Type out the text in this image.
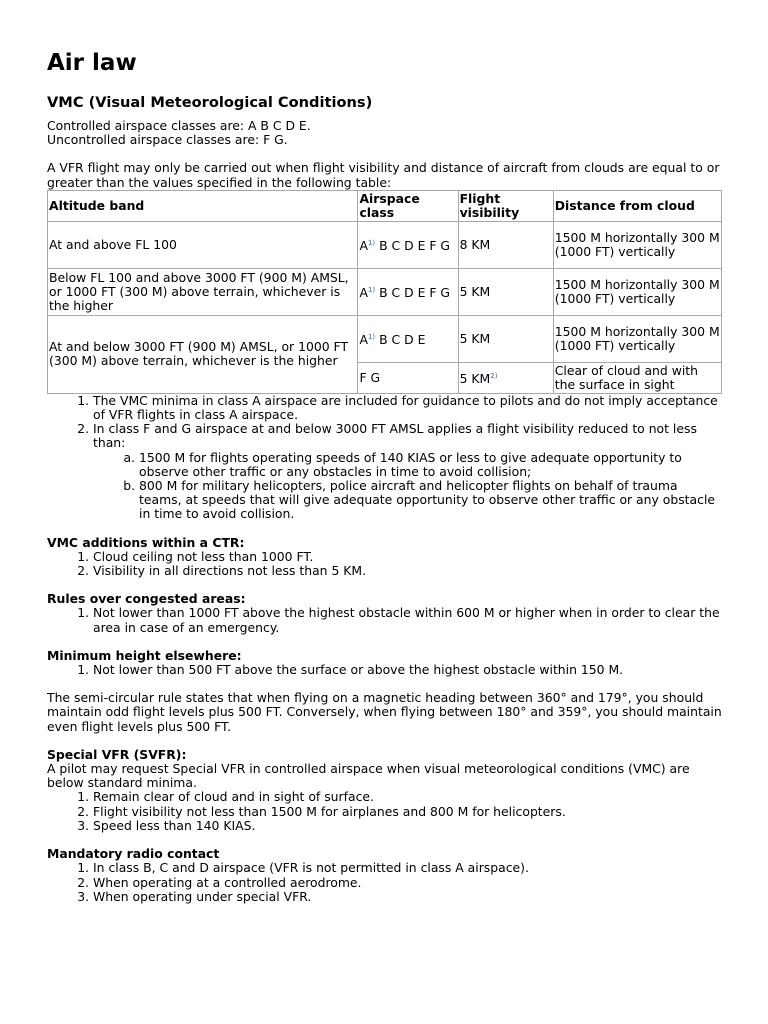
Air law
VMC (Visual Meteorological Conditions)

Controlled airspace classes are: A B C D E.

Uncontrolled airspace classes are: F G.

A VFR flight may only be carried out when flight visibility and distance of aircraft from clouds are equal to or greater than the values specified in the following table:

Altitude band	Airspace class	Flight visibility	Distance from cloud
At and above FL 100	A$^{1)}$ B C D E F G	8 KM	1500 M horizontally 300 M (1000 FT) vertically
Below FL 100 and above 3000 FT (900 M) AMSL, or 1000 FT (300 M) above terrain, whichever is the higher	A$^{1)}$ B C D E F G	5 KM	1500 M horizontally 300 M (1000 FT) vertically
At and below 3000 FT (900 M) AMSL, or 1000 FT (300 M) above terrain, whichever is the higher	A$^{1)}$ B C D E	5 KM	1500 M horizontally 300 M (1000 FT) vertically
	F G	5 KM$^{2)}$	Clear of cloud and with the surface in sight
1. The VMC minima in class A airspace are included for guidance to pilots and do not imply acceptance of VFR flights in class A airspace.
2. In class F and G airspace at and below 3000 FT AMSL applies a flight visibility reduced to not less than:
a. 1500 M for flights operating speeds of 140 KIAS or less to give adequate opportunity to observe other traffic or any obstacles in time to avoid collision;
b. 800 M for military helicopters, police aircraft and helicopter flights on behalf of trauma teams, at speeds that will give adequate opportunity to observe other traffic or any obstacle in time to avoid collision.

VMC additions within a CTR:

1. Cloud ceiling not less than 1000 FT.
2. Visibility in all directions not less than 5 KM.

Rules over congested areas:

1. Not lower than 1000 FT above the highest obstacle within 600 M or higher when in order to clear the area in case of an emergency.

Minimum height elsewhere:

1. Not lower than 500 FT above the surface or above the highest obstacle within 150 M.

The semi-circular rule states that when flying on a magnetic heading between 360° and 179°, you should maintain odd flight levels plus 500 FT. Conversely, when flying between 180° and 359°, you should maintain even flight levels plus 500 FT.

Special VFR (SVFR):

A pilot may request Special VFR in controlled airspace when visual meteorological conditions (VMC) are below standard minima.

1. Remain clear of cloud and in sight of surface.
2. Flight visibility not less than 1500 M for airplanes and 800 M for helicopters.
3. Speed less than 140 KIAS.

Mandatory radio contact

1. In class B, C and D airspace (VFR is not permitted in class A airspace).
2. When operating at a controlled aerodrome.
3. When operating under special VFR.
